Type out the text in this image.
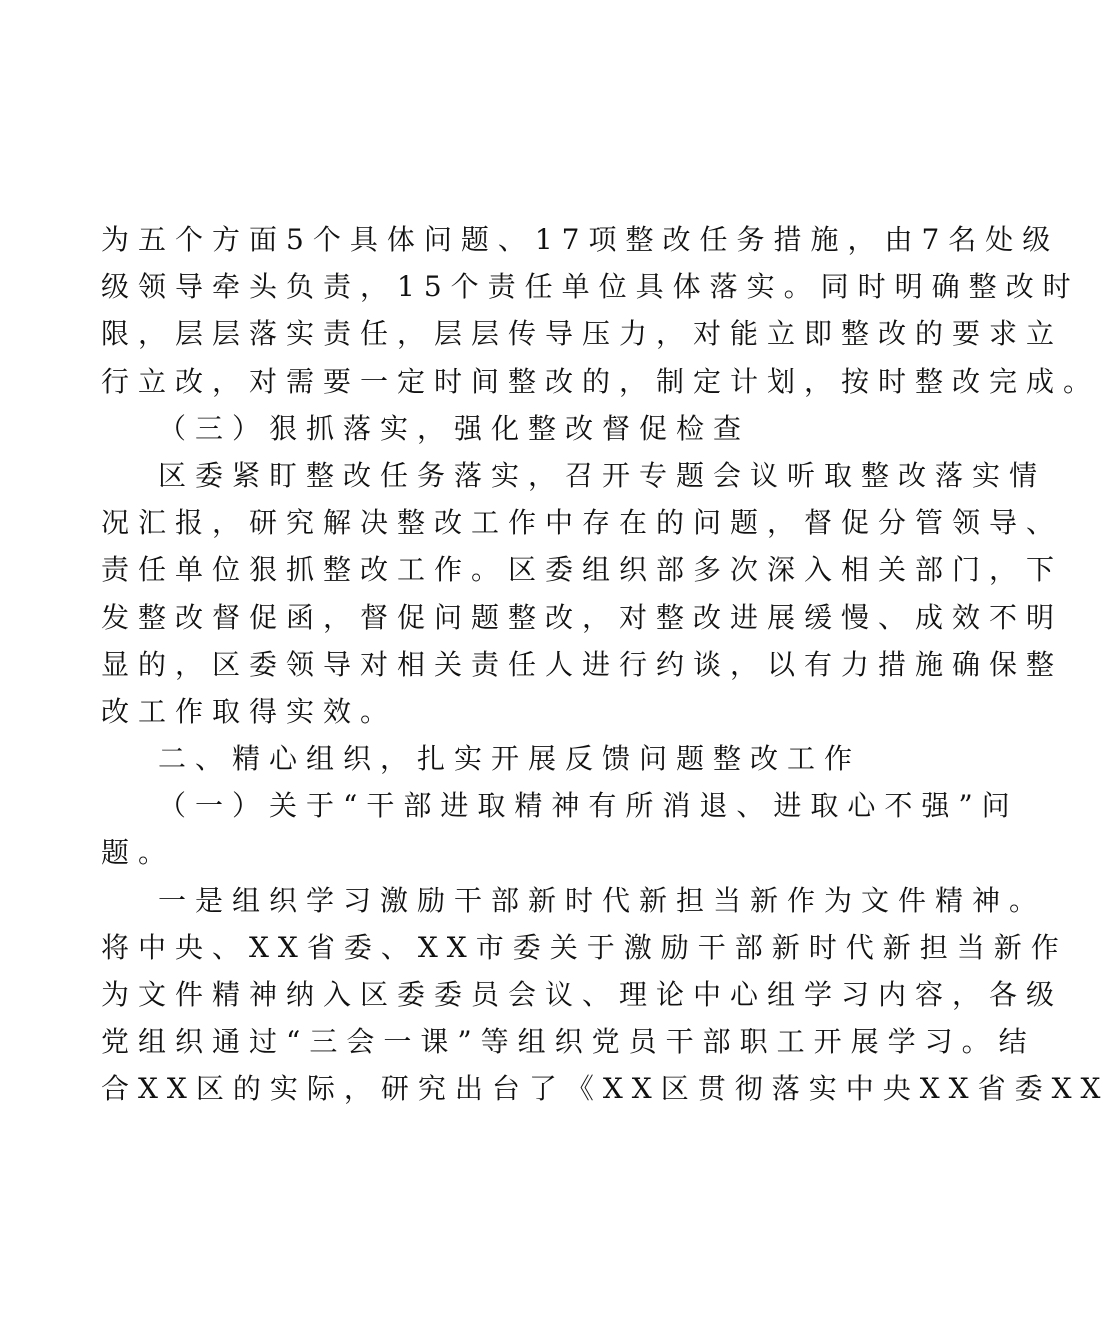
为五个方面5个具体问题、17项整改任务措施，由7名处级
级领导牵头负责，15个责任单位具体落实。同时明确整改时
限，层层落实责任，层层传导压力，对能立即整改的要求立
行立改，对需要一定时间整改的，制定计划，按时整改完成。
（三）狠抓落实，强化整改督促检查
区委紧盯整改任务落实，召开专题会议听取整改落实情
况汇报，研究解决整改工作中存在的问题，督促分管领导、
责任单位狠抓整改工作。区委组织部多次深入相关部门，下
发整改督促函，督促问题整改，对整改进展缓慢、成效不明
显的，区委领导对相关责任人进行约谈，以有力措施确保整
改工作取得实效。
二、精心组织，扎实开展反馈问题整改工作
（一）关于“干部进取精神有所消退、进取心不强”问
题。
一是组织学习激励干部新时代新担当新作为文件精神。
将中央、XX省委、XX市委关于激励干部新时代新担当新作
为文件精神纳入区委委员会议、理论中心组学习内容，各级
党组织通过“三会一课”等组织党员干部职工开展学习。结
合XX区的实际，研究出台了《XX区贯彻落实中央XX省委XX
